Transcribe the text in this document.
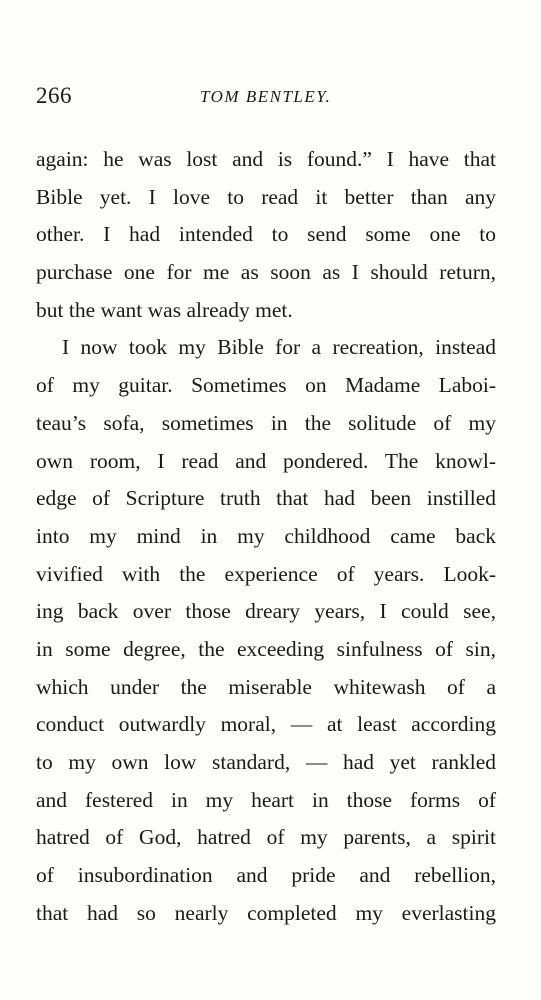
266	TOM BENTLEY.
again: he was lost and is found.” I have that
Bible yet. I love to read it better than any
other. I had intended to send some one to
purchase one for me as soon as I should return,
but the want was already met.
I now took my Bible for a recreation, instead
of my guitar. Sometimes on Madame Laboi-
teau’s sofa, sometimes in the solitude of my
own room, I read and pondered. The knowl-
edge of Scripture truth that had been instilled
into my mind in my childhood came back
vivified with the experience of years. Look-
ing back over those dreary years, I could see,
in some degree, the exceeding sinfulness of sin,
which under the miserable whitewash of a
conduct outwardly moral, — at least according
to my own low standard, — had yet rankled
and festered in my heart in those forms of
hatred of God, hatred of my parents, a spirit
of insubordination and pride and rebellion,
that had so nearly completed my everlasting
